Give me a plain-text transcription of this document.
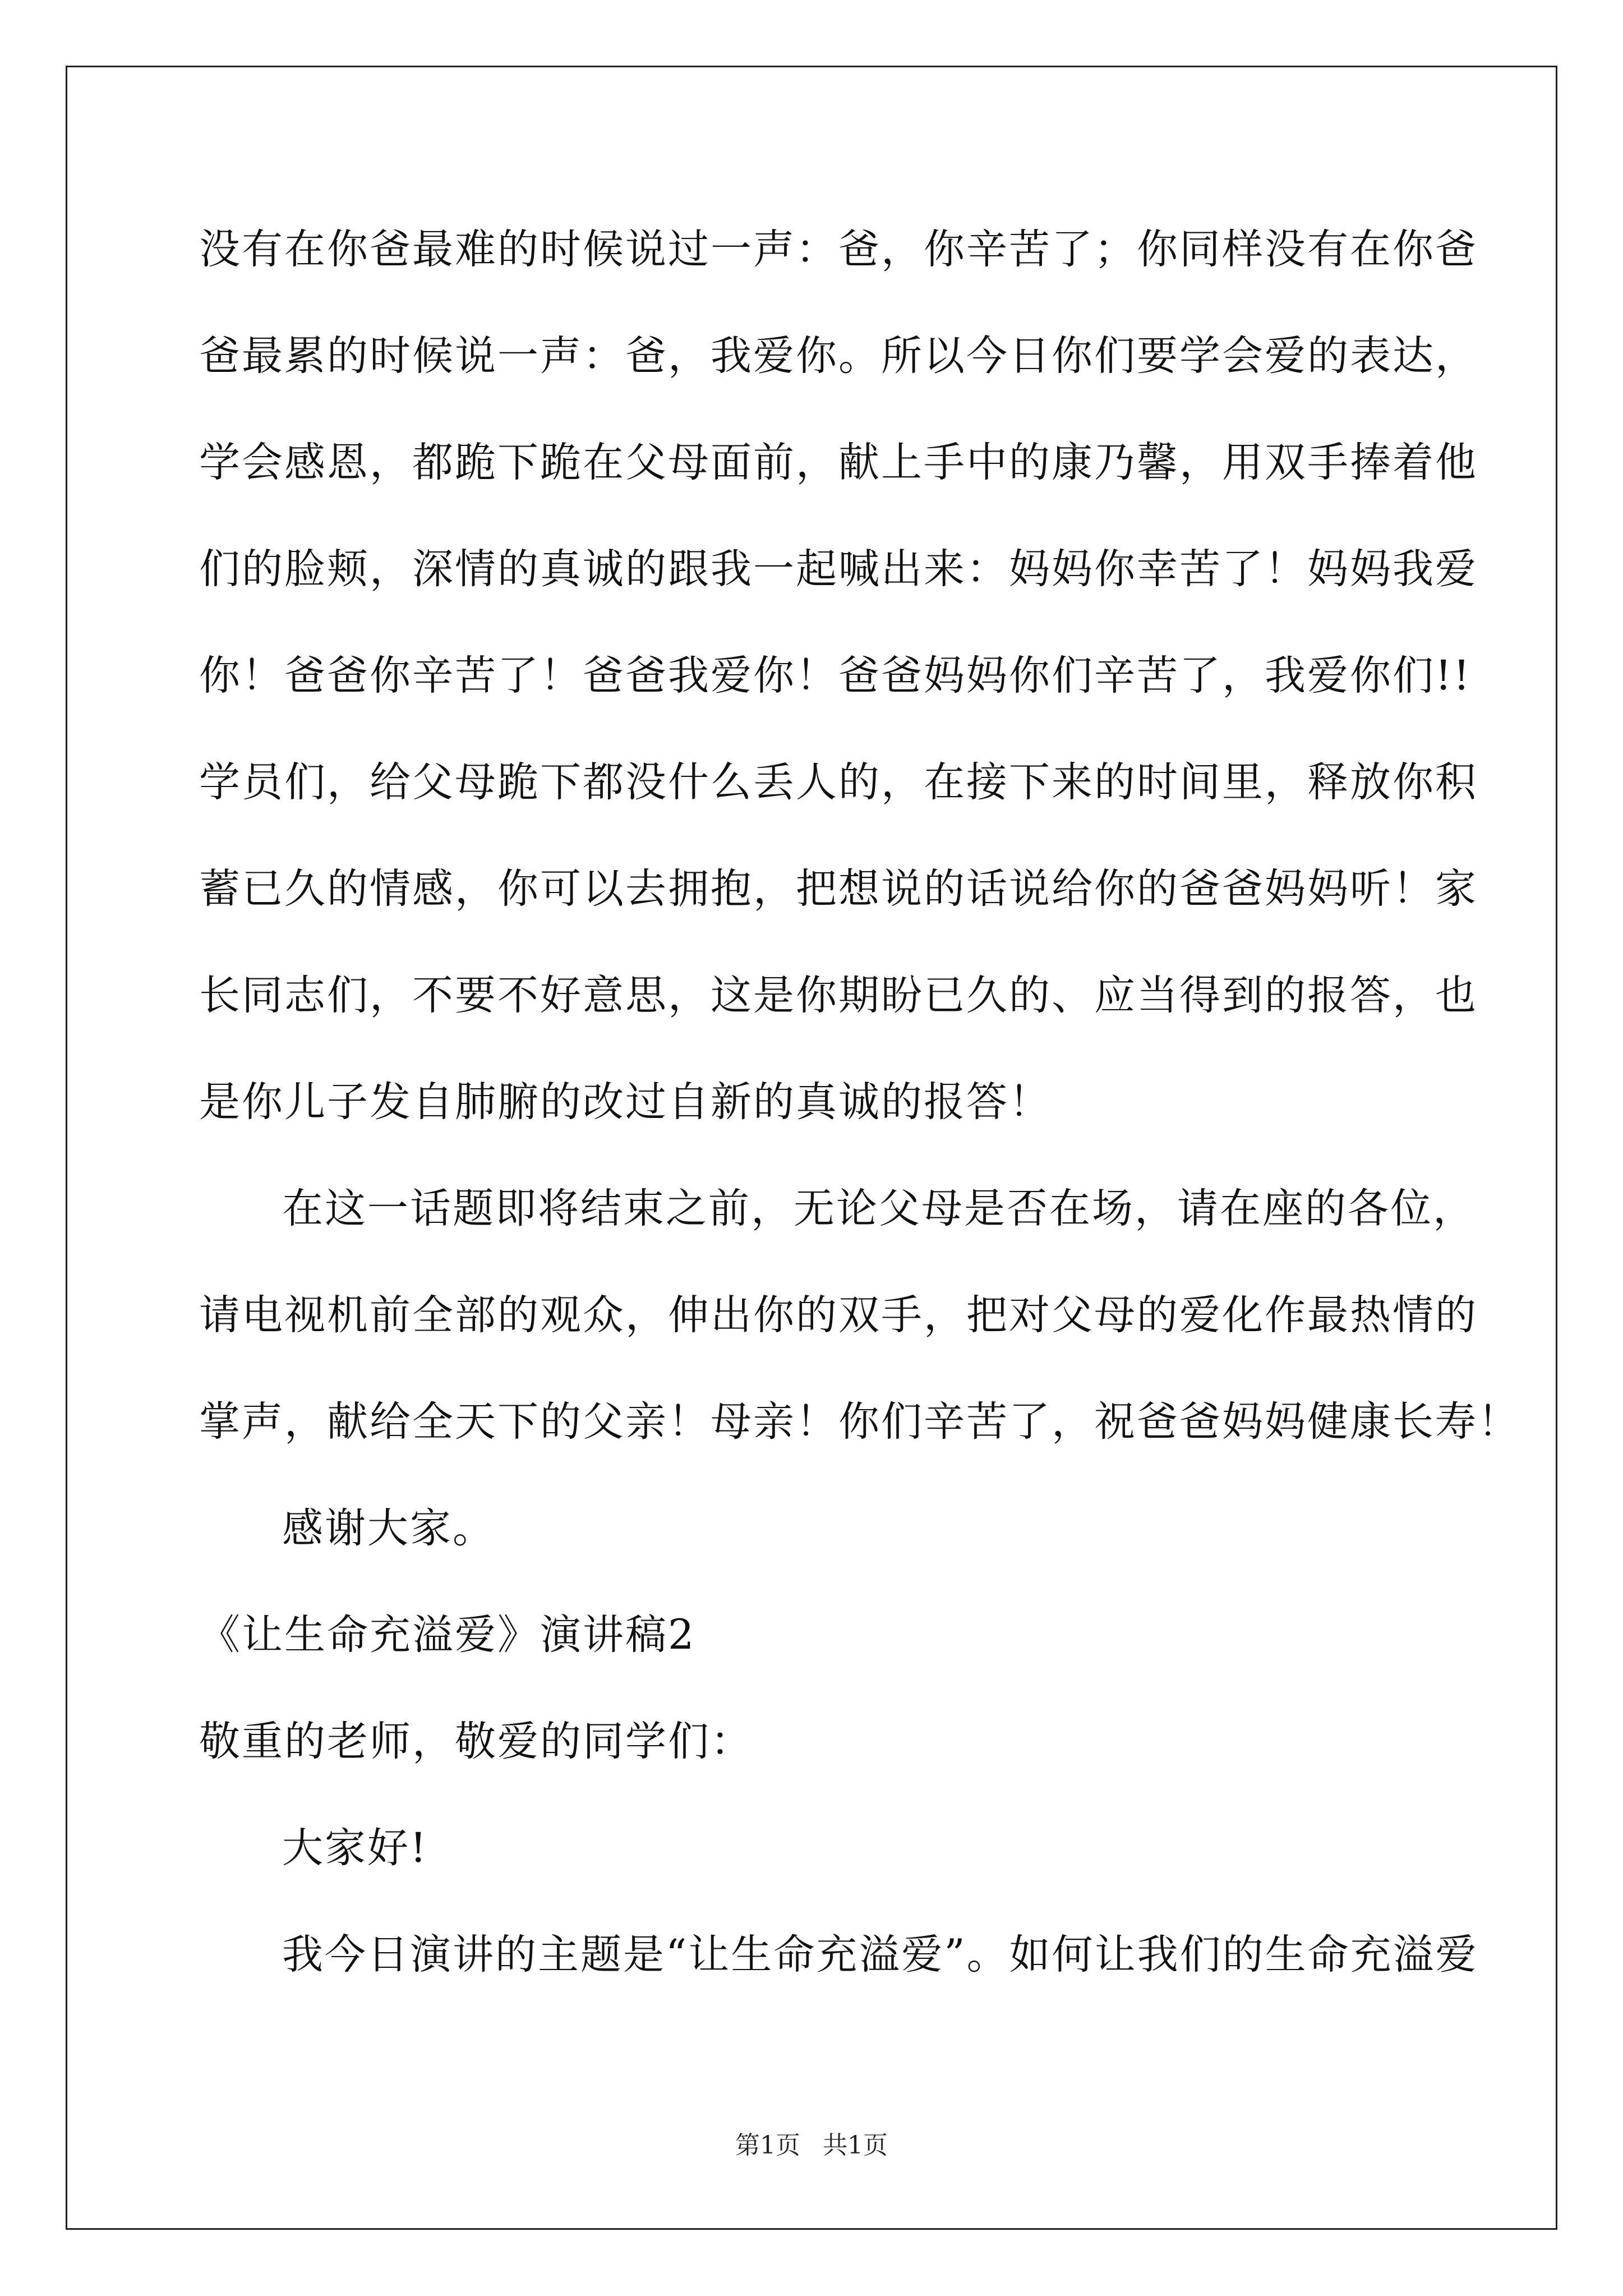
没有在你爸最难的时候说过一声：爸，你辛苦了；你同样没有在你爸
爸最累的时候说一声：爸，我爱你。所以今日你们要学会爱的表达，
学会感恩，都跪下跪在父母面前，献上手中的康乃馨，用双手捧着他
们的脸颊，深情的真诚的跟我一起喊出来：妈妈你幸苦了！妈妈我爱
你！爸爸你辛苦了！爸爸我爱你！爸爸妈妈你们辛苦了，我爱你们!!
学员们，给父母跪下都没什么丢人的，在接下来的时间里，释放你积
蓄已久的情感，你可以去拥抱，把想说的话说给你的爸爸妈妈听！家
长同志们，不要不好意思，这是你期盼已久的、应当得到的报答，也
是你儿子发自肺腑的改过自新的真诚的报答！
在这一话题即将结束之前，无论父母是否在场，请在座的各位，
请电视机前全部的观众，伸出你的双手，把对父母的爱化作最热情的
掌声，献给全天下的父亲！母亲！你们辛苦了，祝爸爸妈妈健康长寿！
感谢大家。
《让生命充溢爱》演讲稿2
敬重的老师，敬爱的同学们：
大家好!
我今日演讲的主题是“让生命充溢爱”。如何让我们的生命充溢爱
第1页 共1页
